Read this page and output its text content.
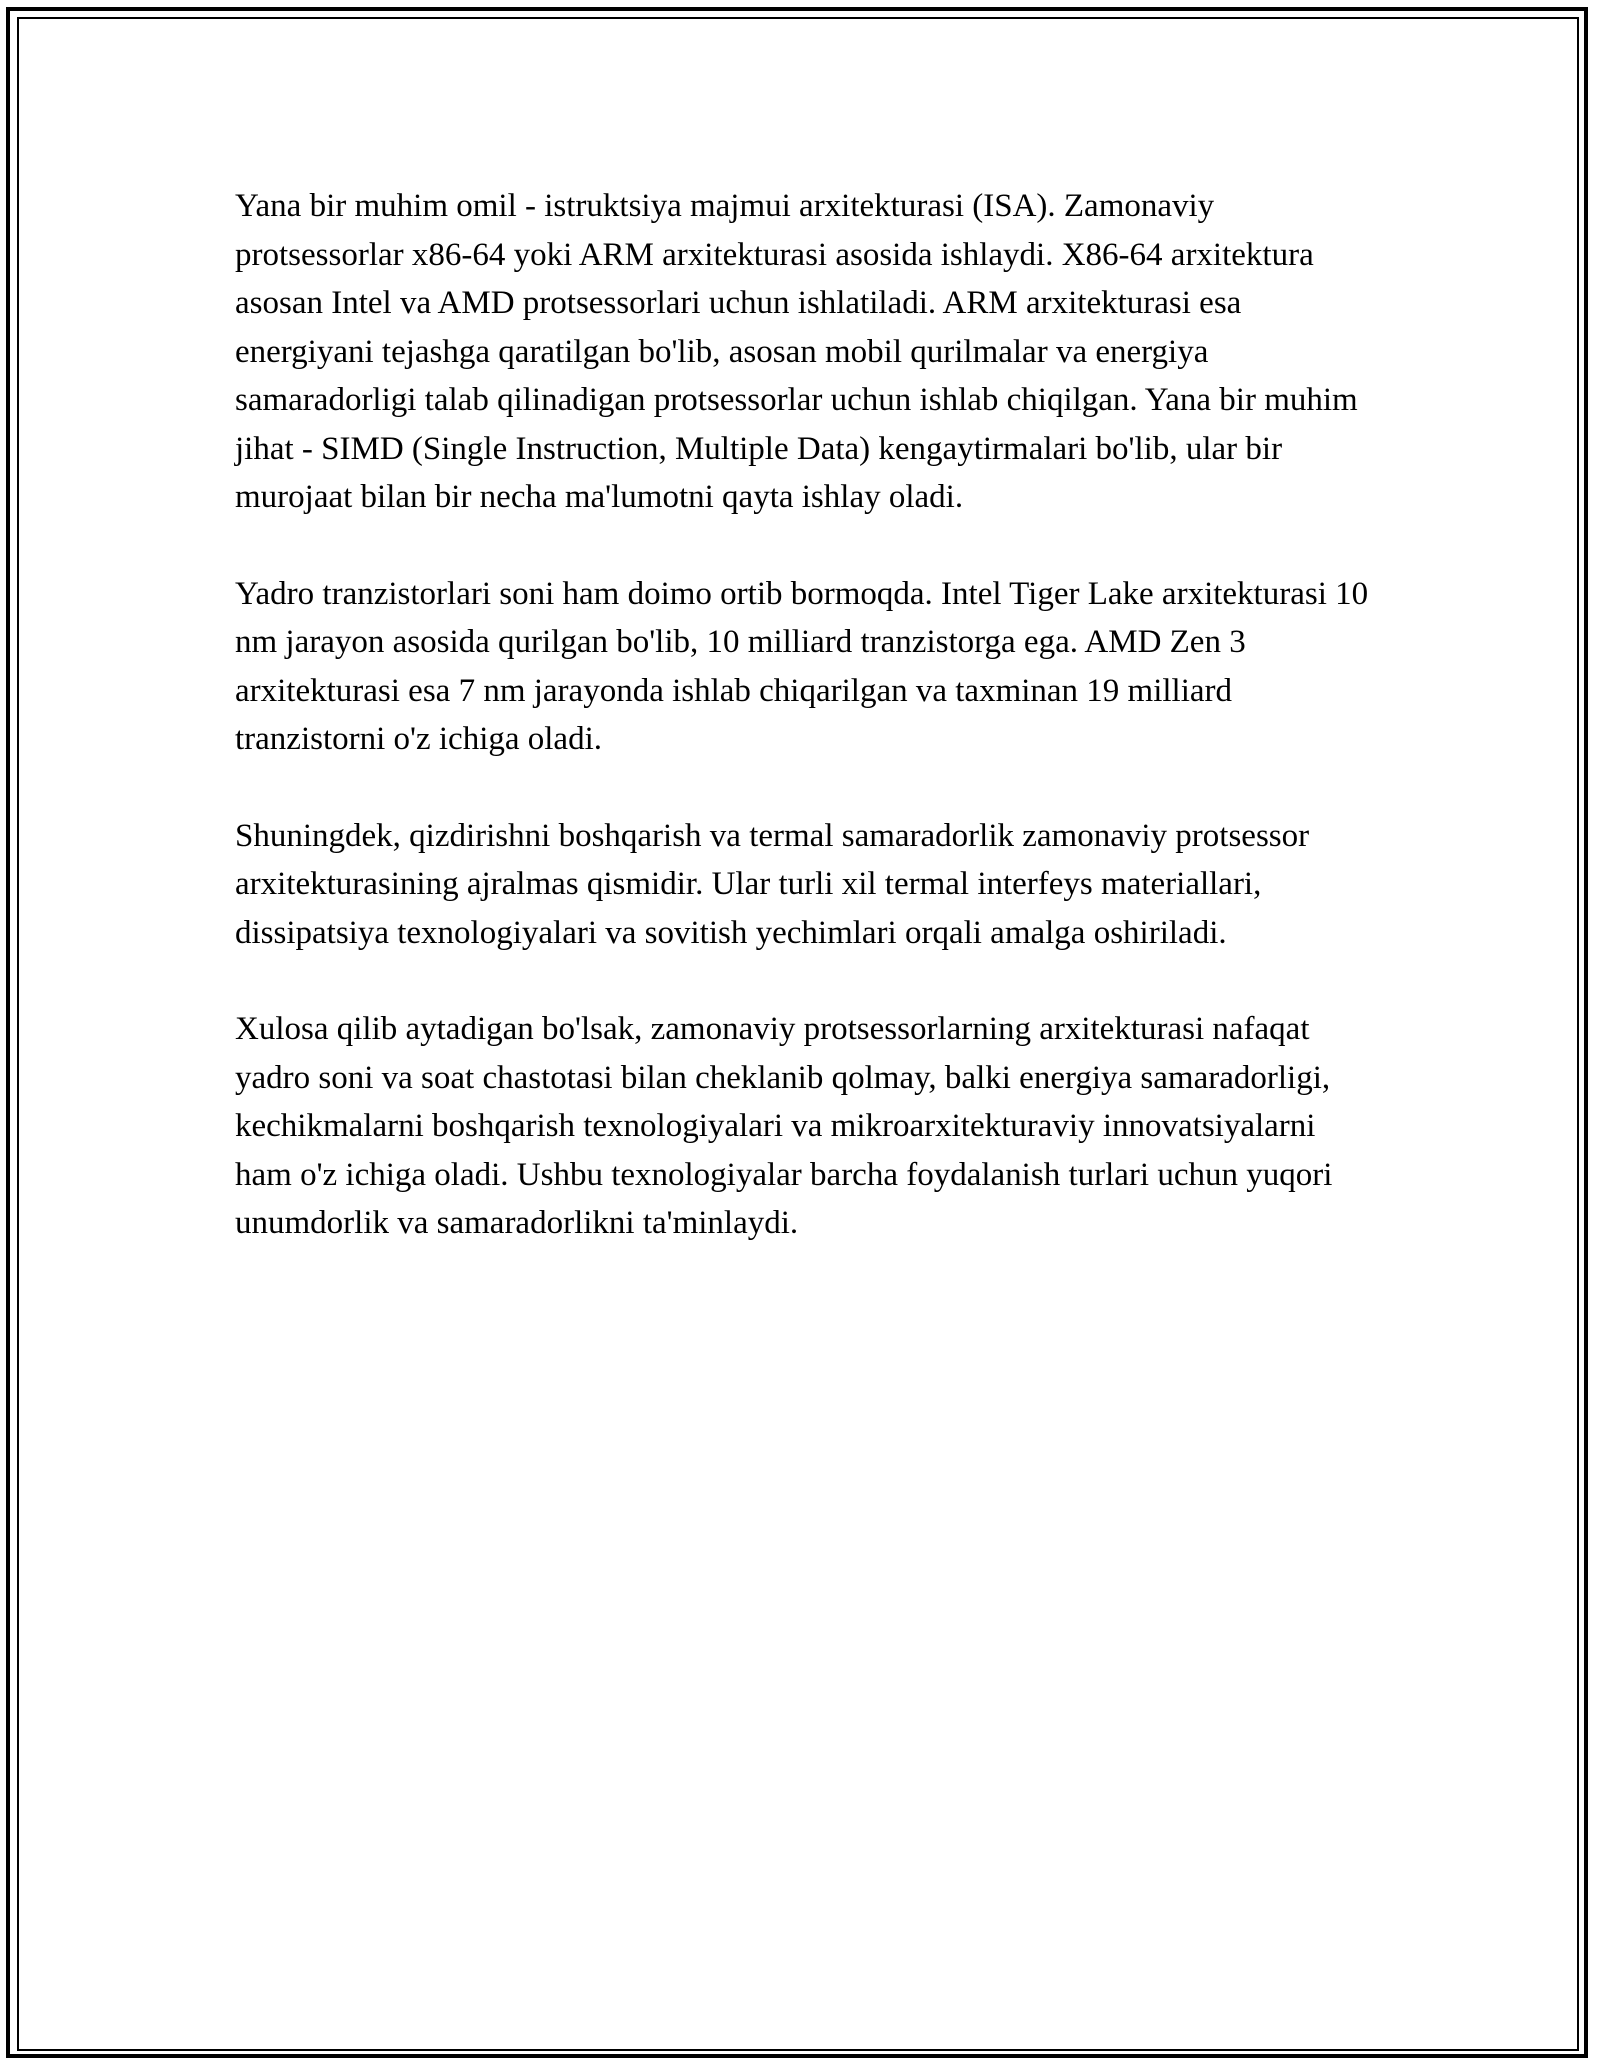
Yana bir muhim omil - istruktsiya majmui arxitekturasi (ISA). Zamonaviy protsessorlar x86-64 yoki ARM arxitekturasi asosida ishlaydi. X86-64 arxitektura asosan Intel va AMD protsessorlari uchun ishlatiladi. ARM arxitekturasi esa energiyani tejashga qaratilgan bo'lib, asosan mobil qurilmalar va energiya samaradorligi talab qilinadigan protsessorlar uchun ishlab chiqilgan. Yana bir muhim jihat - SIMD (Single Instruction, Multiple Data) kengaytirmalari bo'lib, ular bir murojaat bilan bir necha ma'lumotni qayta ishlay oladi.

Yadro tranzistorlari soni ham doimo ortib bormoqda. Intel Tiger Lake arxitekturasi 10 nm jarayon asosida qurilgan bo'lib, 10 milliard tranzistorga ega. AMD Zen 3 arxitekturasi esa 7 nm jarayonda ishlab chiqarilgan va taxminan 19 milliard tranzistorni o'z ichiga oladi.

Shuningdek, qizdirishni boshqarish va termal samaradorlik zamonaviy protsessor arxitekturasining ajralmas qismidir. Ular turli xil termal interfeys materiallari, dissipatsiya texnologiyalari va sovitish yechimlari orqali amalga oshiriladi.

Xulosa qilib aytadigan bo'lsak, zamonaviy protsessorlarning arxitekturasi nafaqat yadro soni va soat chastotasi bilan cheklanib qolmay, balki energiya samaradorligi, kechikmalarni boshqarish texnologiyalari va mikroarxitekturaviy innovatsiyalarni ham o'z ichiga oladi. Ushbu texnologiyalar barcha foydalanish turlari uchun yuqori unumdorlik va samaradorlikni ta'minlaydi.
